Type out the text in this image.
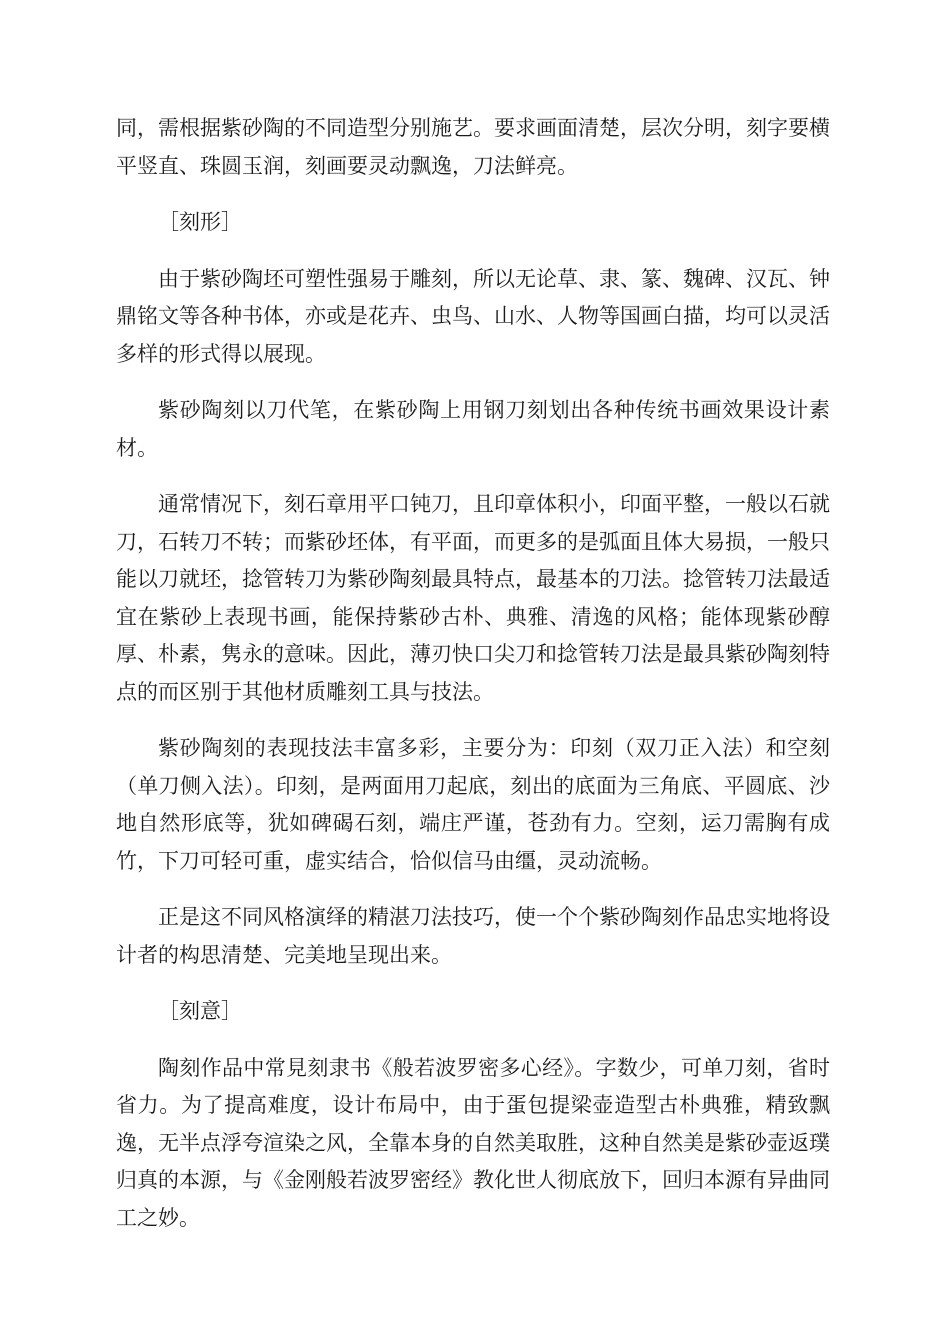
同，需根据紫砂陶的不同造型分别施艺。要求画面清楚，层次分明，刻字要横平竖直、珠圆玉润，刻画要灵动飘逸，刀法鲜亮。

［刻形］

由于紫砂陶坯可塑性强易于雕刻，所以无论草、隶、篆、魏碑、汉瓦、钟鼎铭文等各种书体，亦或是花卉、虫鸟、山水、人物等国画白描，均可以灵活多样的形式得以展现。

紫砂陶刻以刀代笔，在紫砂陶上用钢刀刻划出各种传统书画效果设计素材。

通常情况下，刻石章用平口钝刀，且印章体积小，印面平整，一般以石就刀，石转刀不转；而紫砂坯体，有平面，而更多的是弧面且体大易损，一般只能以刀就坯，捻管转刀为紫砂陶刻最具特点，最基本的刀法。捻管转刀法最适宜在紫砂上表现书画，能保持紫砂古朴、典雅、清逸的风格；能体现紫砂醇厚、朴素，隽永的意味。因此，薄刃快口尖刀和捻管转刀法是最具紫砂陶刻特点的而区别于其他材质雕刻工具与技法。

紫砂陶刻的表现技法丰富多彩，主要分为：印刻（双刀正入法）和空刻（单刀侧入法）。印刻，是两面用刀起底，刻出的底面为三角底、平圆底、沙地自然形底等，犹如碑碣石刻，端庄严谨，苍劲有力。空刻，运刀需胸有成竹，下刀可轻可重，虚实结合，恰似信马由缰，灵动流畅。

正是这不同风格演绎的精湛刀法技巧，使一个个紫砂陶刻作品忠实地将设计者的构思清楚、完美地呈现出来。

［刻意］

陶刻作品中常見刻隶书《般若波罗密多心经》。字数少，可单刀刻，省时省力。为了提高难度，设计布局中，由于蛋包提梁壶造型古朴典雅，精致飘逸，无半点浮夸渲染之风，全靠本身的自然美取胜，这种自然美是紫砂壶返璞归真的本源，与《金刚般若波罗密经》教化世人彻底放下，回归本源有异曲同工之妙。
